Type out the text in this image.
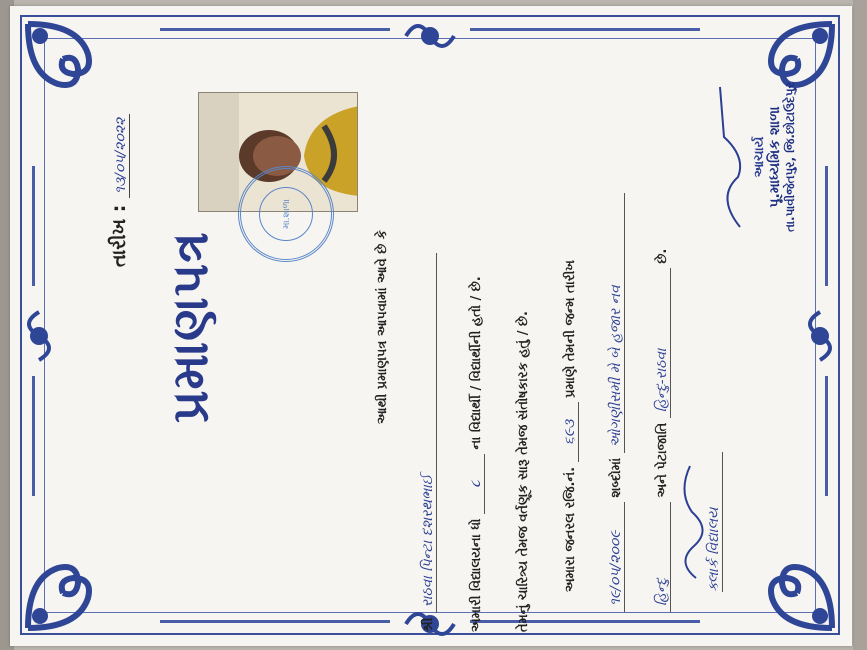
તારીખ : ૧૩/૦૫/૨૦૨૨
પ્રમાણપત્ર
મા.શાળા
આથી પ્રમાણપત્ર આપવામાં આવે છે કે
શ્રી રાઠવા પિન્ટા દશરથભાઈ	અમારી વિદ્યાલયના ધો ૮ ના વિદ્યાર્થી / વિદ્યાર્થીની હતો / છે. તેમનું ચારિત્ર્ય તેમજ વર્તણૂક સારૂ તેમજ સંતોષકારક હતું / છે. અમારા જનરલ રજિ.નં. ૬૯૩ પ્રમાણે તેમની જન્મ તારીખ
૧૯/૦૫/૨૦૦૯ શબ્દોમાં ઓગણીસમી મે બે હજાર નવ
હિન્દુ અને પેટાજાતિ હિન્દુ-રાઠવા છે.
ક્લાર્ક વિદ્યાલય
આચાર્ય પૂ.માધ્યમિક શાળા તા.પાવીજેતપુર, જિ.છોટાઉદેપુર
